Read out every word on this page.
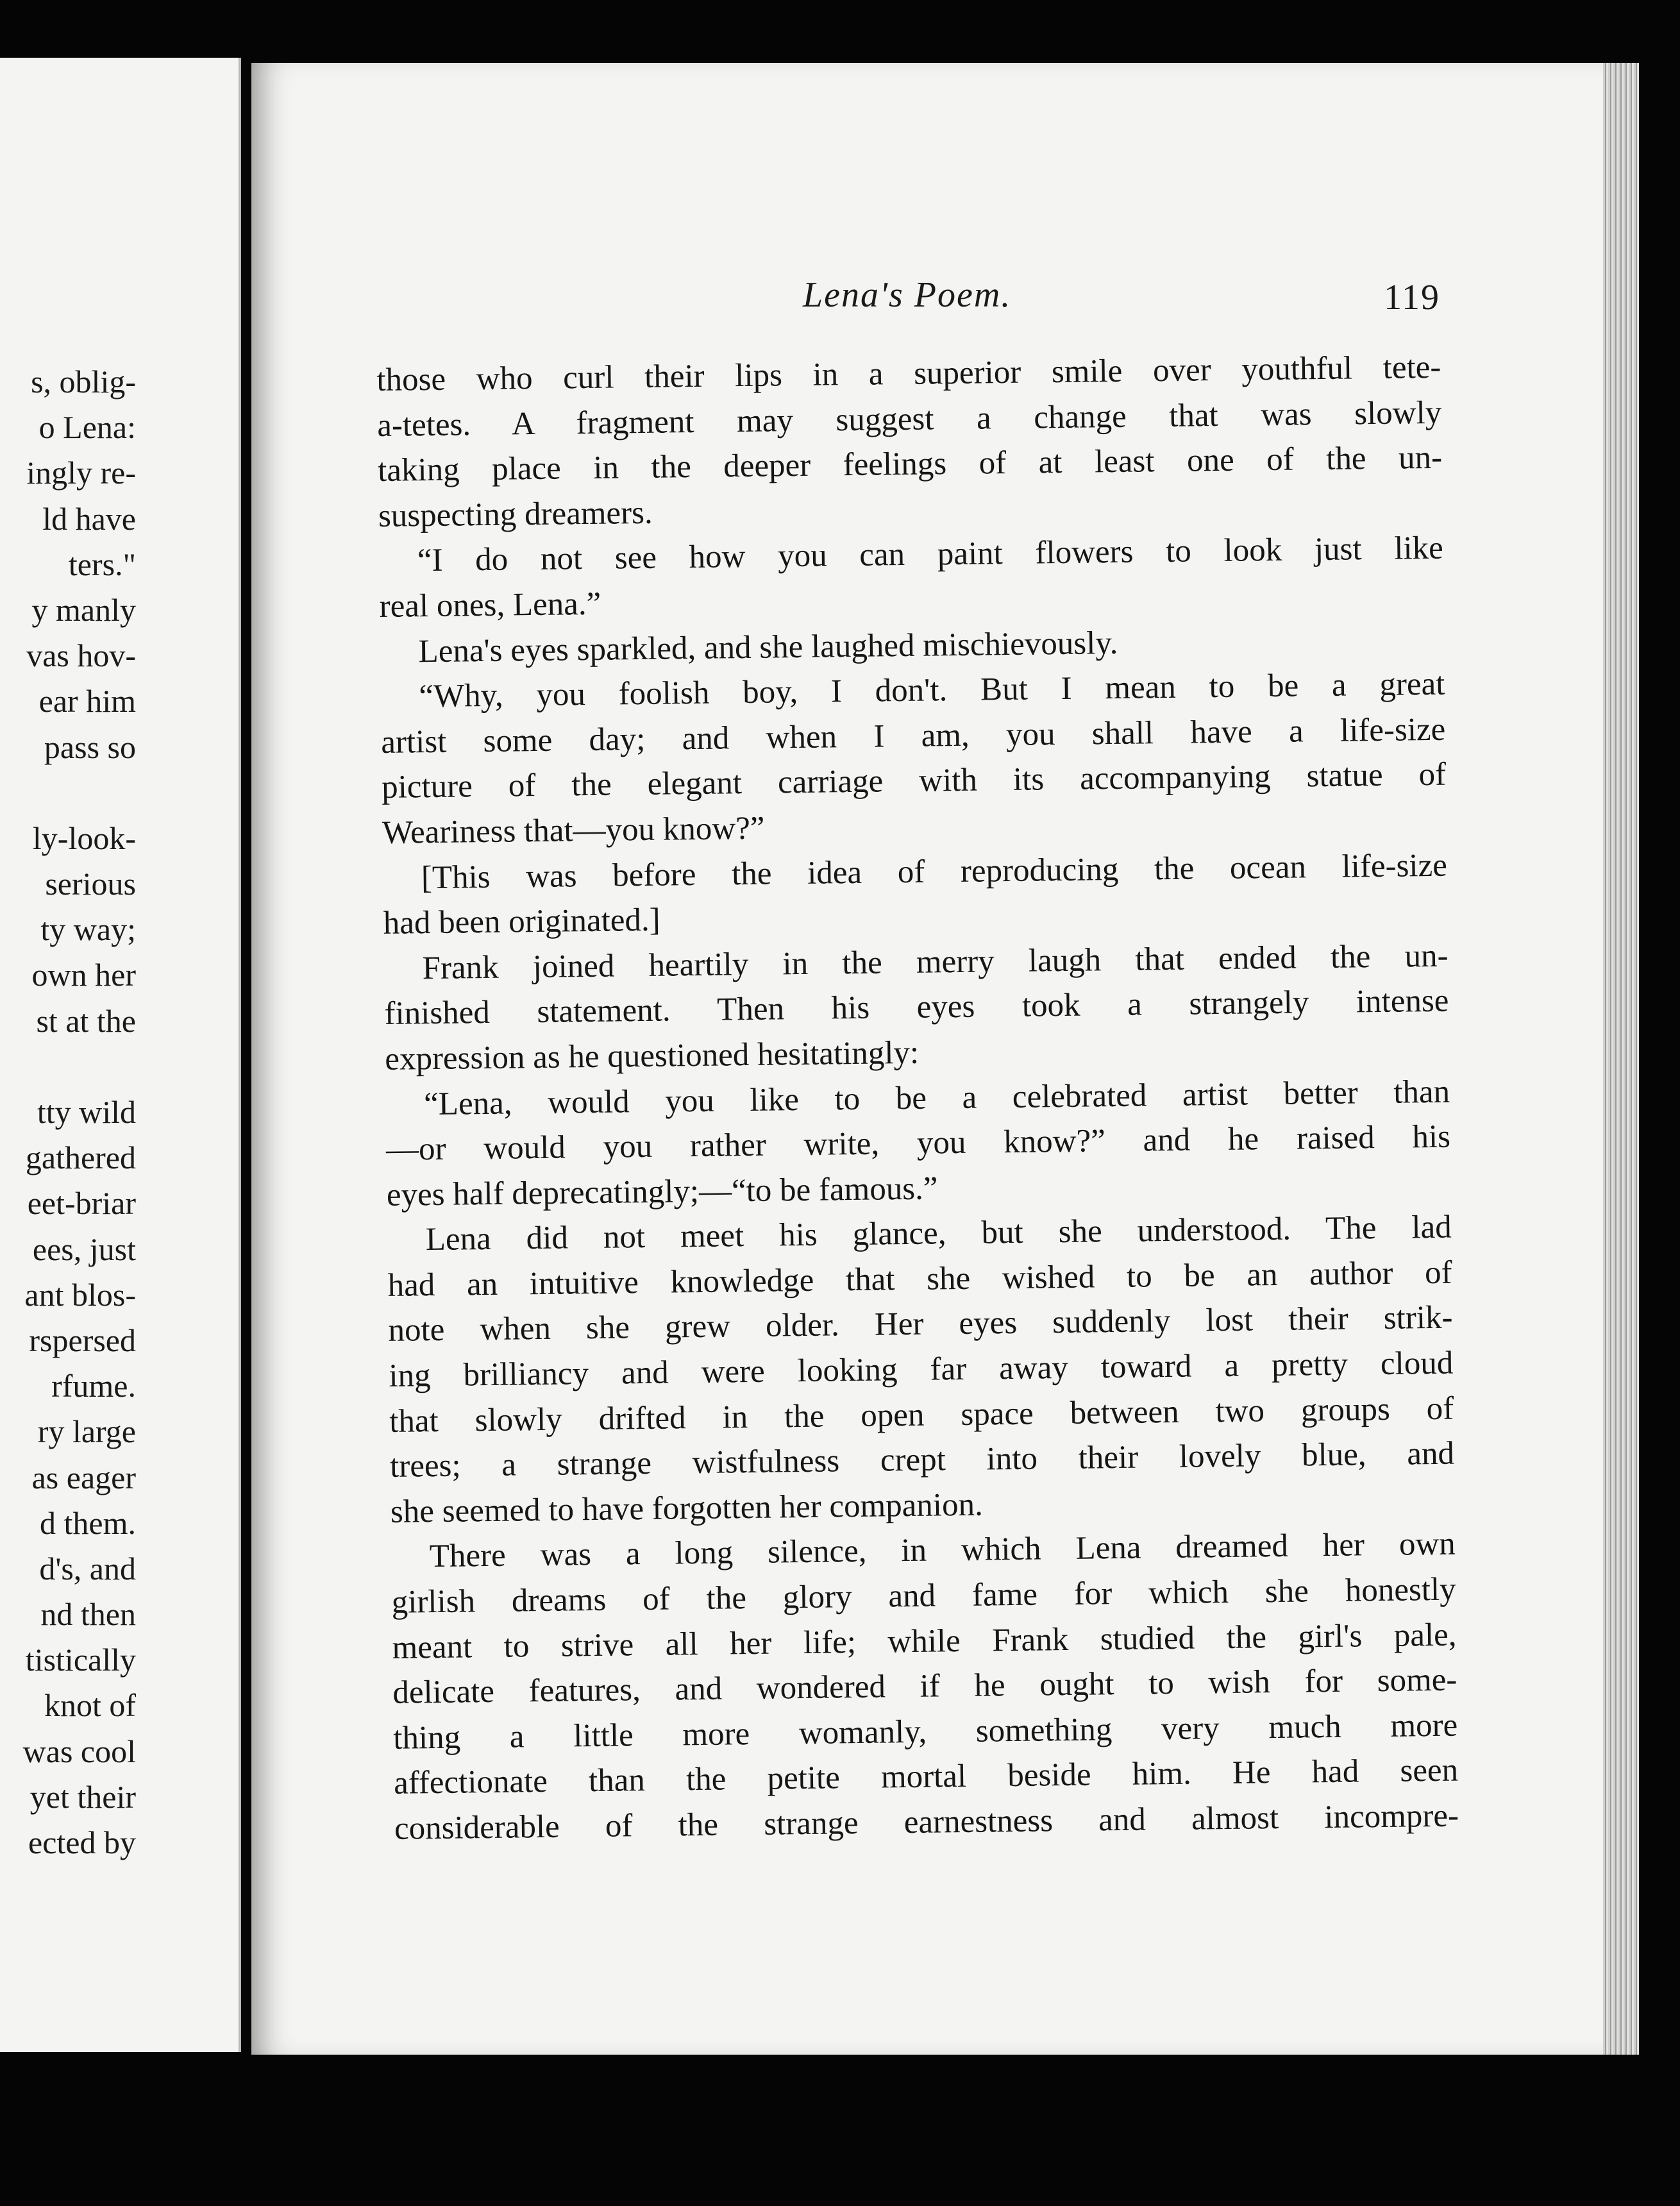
s, oblig-
o Lena:
ingly re-
ld have
ters."
y manly
vas hov-
ear him
pass so
ly-look-
serious
ty way;
own her
st at the
tty wild
gathered
eet-briar
ees, just
ant blos-
rspersed
rfume.
ry large
as eager
d them.
d's, and
nd then
tistically
knot of
was cool
yet their
ected by
Lena's Poem.	119
those who curl their lips in a superior smile over youthful tete-
a-tetes. A fragment may suggest a change that was slowly
taking place in the deeper feelings of at least one of the un-
suspecting dreamers.
“I do not see how you can paint flowers to look just like
real ones, Lena.”
Lena's eyes sparkled, and she laughed mischievously.
“Why, you foolish boy, I don't. But I mean to be a great
artist some day; and when I am, you shall have a life-size
picture of the elegant carriage with its accompanying statue of
Weariness that—you know?”
[This was before the idea of reproducing the ocean life-size
had been originated.]
Frank joined heartily in the merry laugh that ended the un-
finished statement. Then his eyes took a strangely intense
expression as he questioned hesitatingly:
“Lena, would you like to be a celebrated artist better than
—or would you rather write, you know?” and he raised his
eyes half deprecatingly;—“to be famous.”
Lena did not meet his glance, but she understood. The lad
had an intuitive knowledge that she wished to be an author of
note when she grew older. Her eyes suddenly lost their strik-
ing brilliancy and were looking far away toward a pretty cloud
that slowly drifted in the open space between two groups of
trees; a strange wistfulness crept into their lovely blue, and
she seemed to have forgotten her companion.
There was a long silence, in which Lena dreamed her own
girlish dreams of the glory and fame for which she honestly
meant to strive all her life; while Frank studied the girl's pale,
delicate features, and wondered if he ought to wish for some-
thing a little more womanly, something very much more
affectionate than the petite mortal beside him. He had seen
considerable of the strange earnestness and almost incompre-
